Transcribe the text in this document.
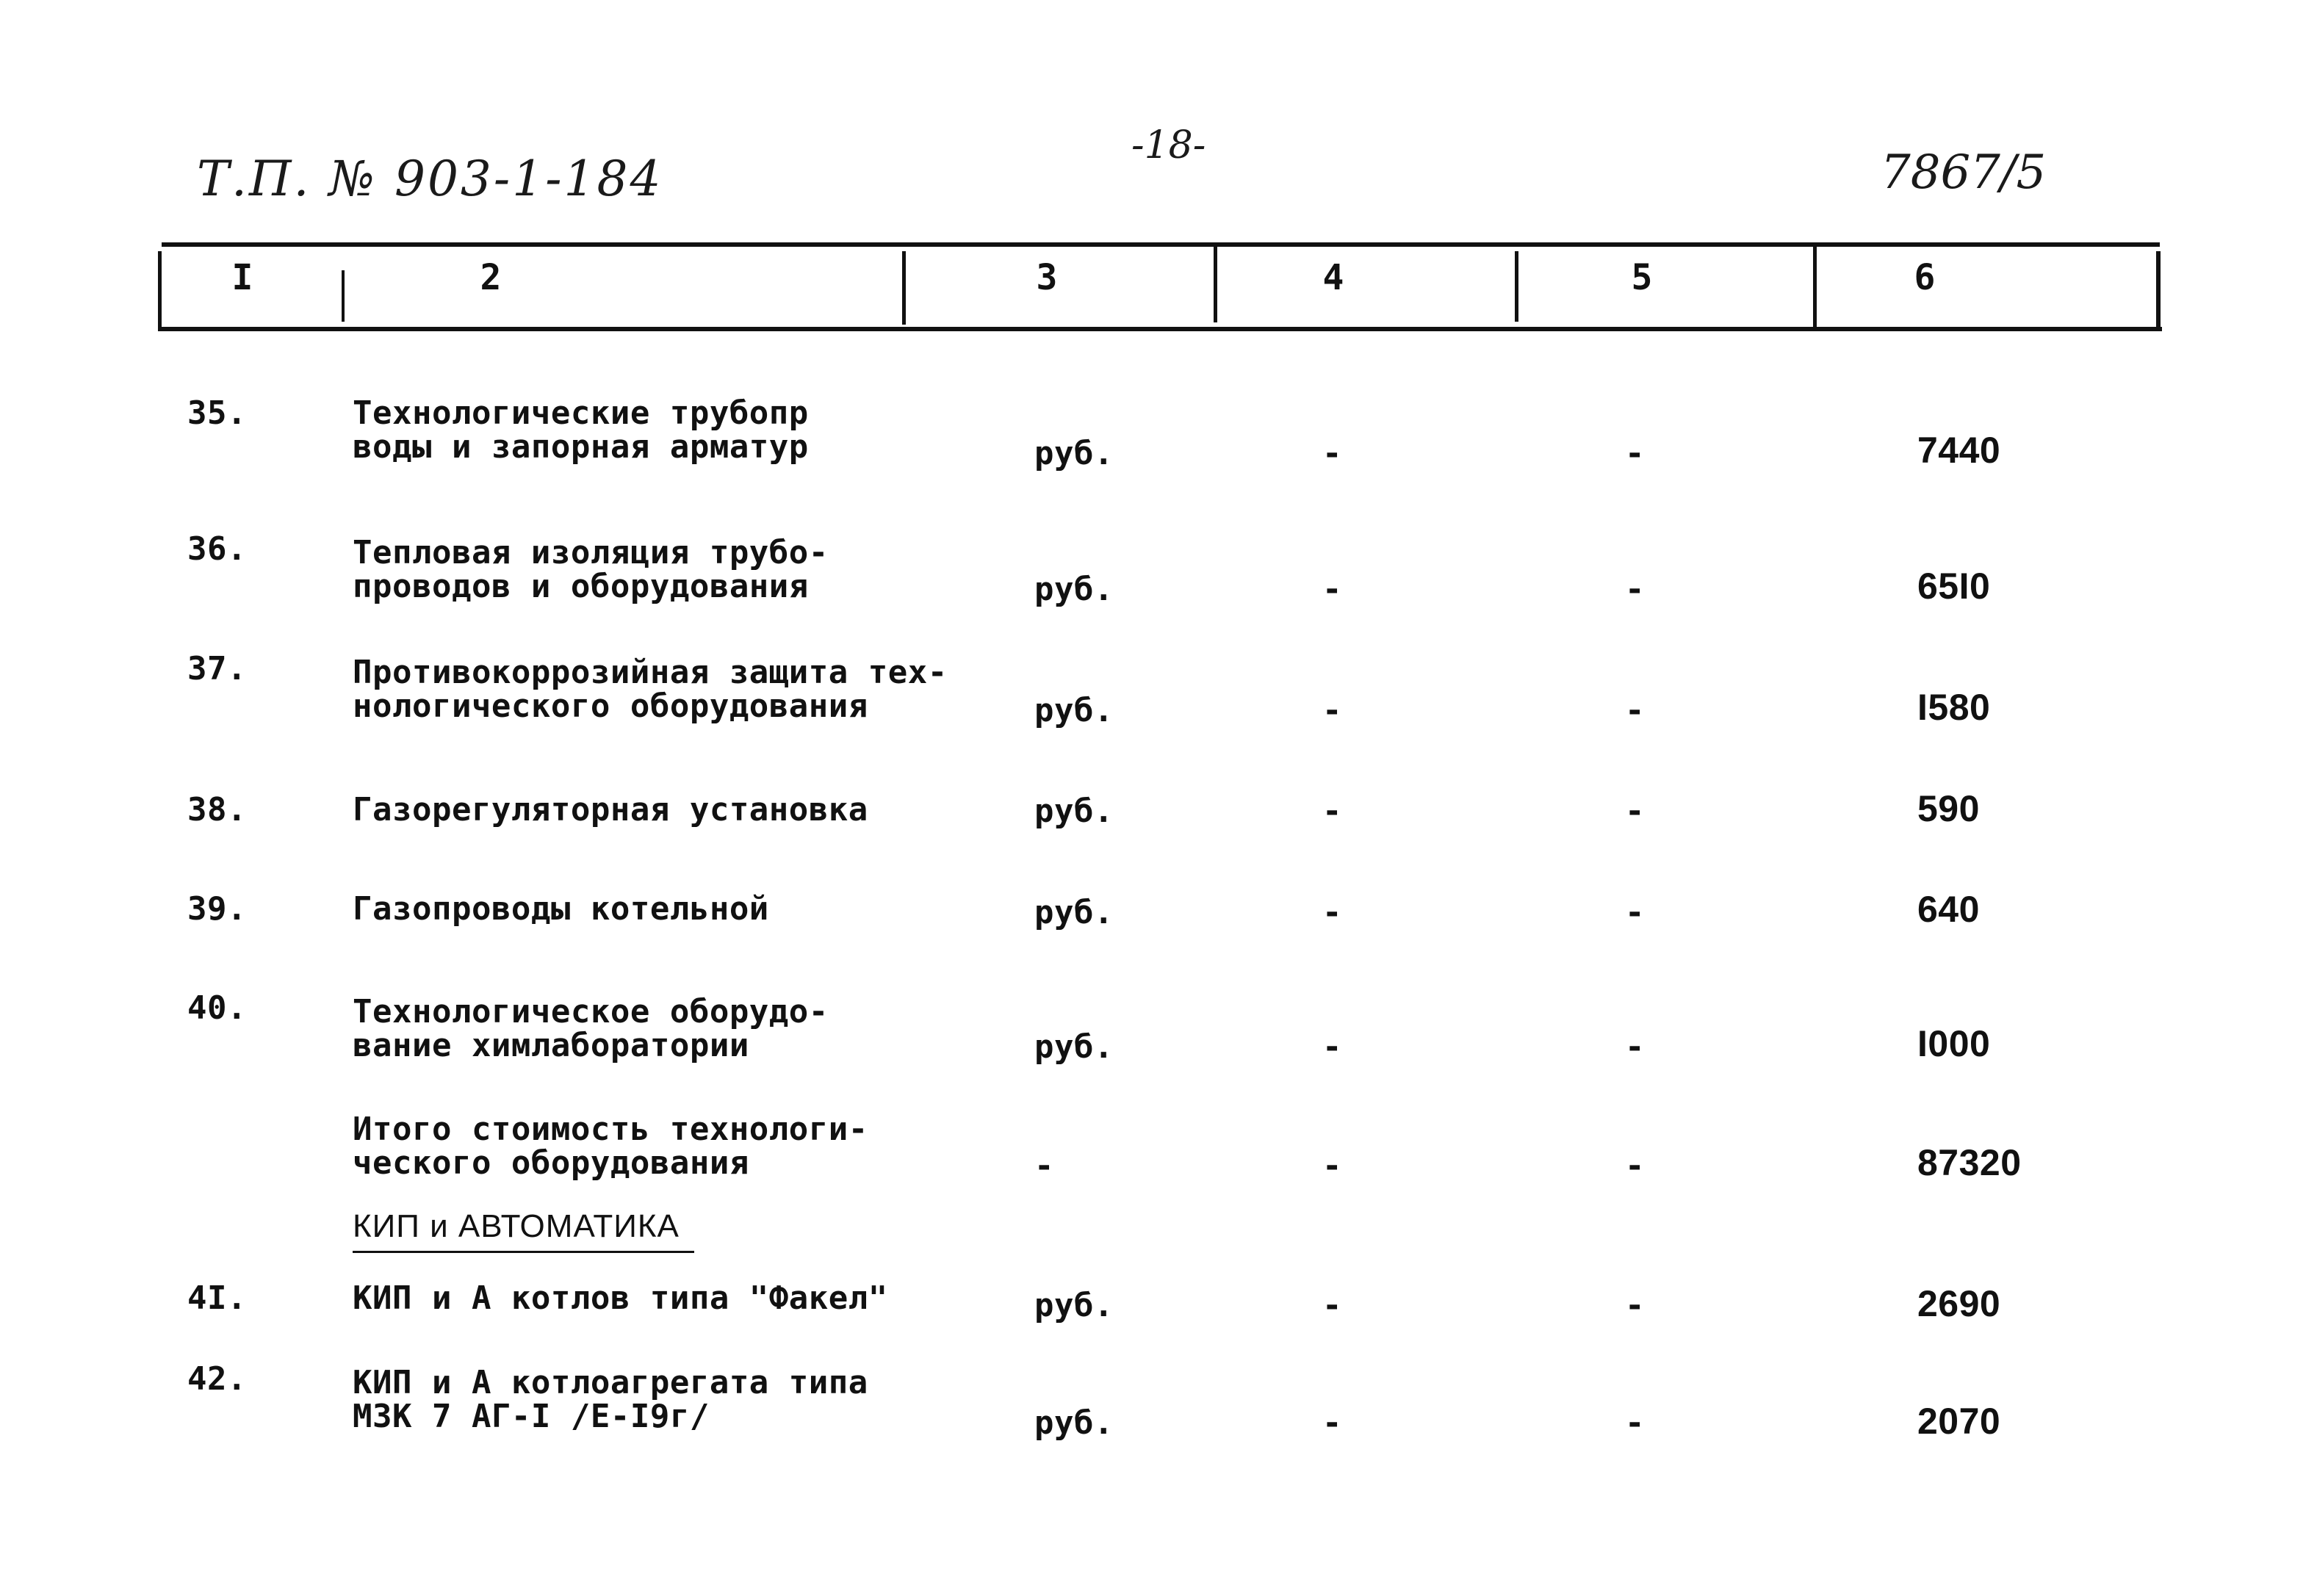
Т.П. № 903-1-184
-18-	7867/5
I	2	3	4	5	6
35.	Технологические трубопр
воды и запорная арматур	руб.	-	-	7440
36.	Тепловая изоляция трубо-
проводов и оборудования	руб.	-	-	65I0
37.	Противокоррозийная защита тех-
нологического оборудования	руб.	-	-	I580
38.	Газорегуляторная установка	руб.	-	-	590
39.	Газопроводы котельной	руб.	-	-	640
40.	Технологическое оборудо-
вание химлаборатории	руб.	-	-	I000
Итого стоимость технологи-
ческого оборудования	-	-	-	87320
КИП и АВТОМАТИКА
4I.	КИП и А котлов типа "Факел"	руб.	-	-	2690
42.	КИП и А котлоагрегата типа
МЗК 7 АГ-I /Е-I9г/	руб.	-	-	2070
